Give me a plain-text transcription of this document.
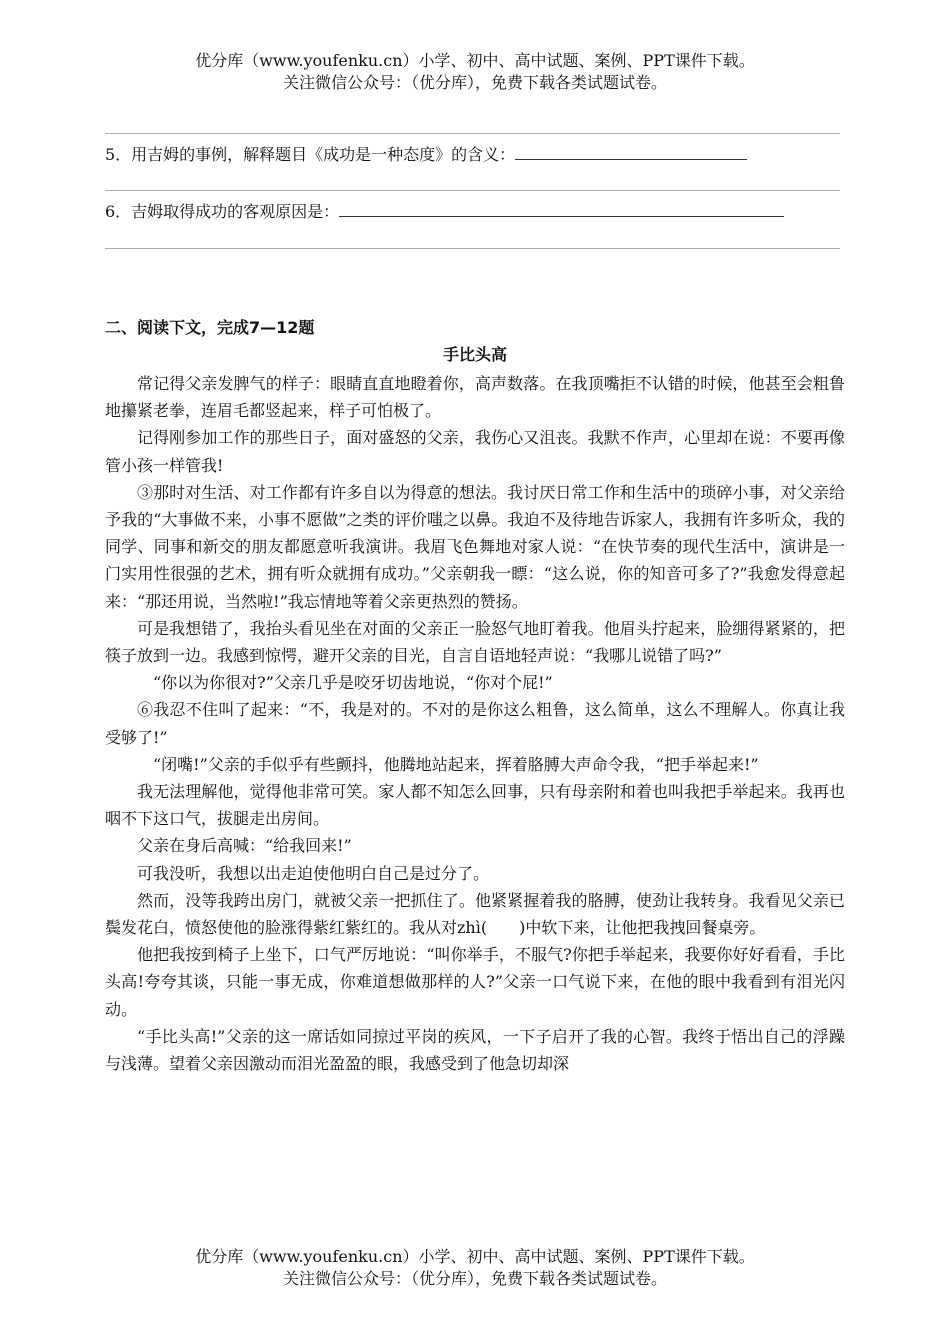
优分库（www.youfenku.cn）小学、初中、高中试题、案例、PPT课件下载。
关注微信公众号：（优分库），免费下载各类试题试卷。
5．用吉姆的事例，解释题目《成功是一种态度》的含义：
6．吉姆取得成功的客观原因是：
二、阅读下文，完成7—12题
手比头高

常记得父亲发脾气的样子：眼睛直直地瞪着你，高声数落。在我顶嘴拒不认错的时候，他甚至会粗鲁地攥紧老拳，连眉毛都竖起来，样子可怕极了。

记得刚参加工作的那些日子，面对盛怒的父亲，我伤心又沮丧。我默不作声，心里却在说：不要再像管小孩一样管我!

③那时对生活、对工作都有许多自以为得意的想法。我讨厌日常工作和生活中的琐碎小事，对父亲给予我的“大事做不来，小事不愿做”之类的评价嗤之以鼻。我迫不及待地告诉家人，我拥有许多听众，我的同学、同事和新交的朋友都愿意听我演讲。我眉飞色舞地对家人说：“在快节奏的现代生活中，演讲是一门实用性很强的艺术，拥有听众就拥有成功。”父亲朝我一瞟：“这么说，你的知音可多了?”我愈发得意起来：“那还用说，当然啦!”我忘情地等着父亲更热烈的赞扬。

可是我想错了，我抬头看见坐在对面的父亲正一脸怒气地盯着我。他眉头拧起来，脸绷得紧紧的，把筷子放到一边。我感到惊愕，避开父亲的目光，自言自语地轻声说：“我哪儿说错了吗?”

“你以为你很对?”父亲几乎是咬牙切齿地说，“你对个屁!”

⑥我忍不住叫了起来：“不，我是对的。不对的是你这么粗鲁，这么简单，这么不理解人。你真让我受够了!”

“闭嘴!”父亲的手似乎有些颤抖，他腾地站起来，挥着胳膊大声命令我，“把手举起来!”

我无法理解他，觉得他非常可笑。家人都不知怎么回事，只有母亲附和着也叫我把手举起来。我再也咽不下这口气，拔腿走出房间。

父亲在身后高喊：“给我回来!”

可我没听，我想以出走迫使他明白自己是过分了。

然而，没等我跨出房门，就被父亲一把抓住了。他紧紧握着我的胳膊，使劲让我转身。我看见父亲已鬓发花白，愤怒使他的脸涨得紫红紫红的。我从对zhì(　　)中软下来，让他把我拽回餐桌旁。

他把我按到椅子上坐下，口气严厉地说：“叫你举手，不服气?你把手举起来，我要你好好看看，手比头高!夸夸其谈，只能一事无成，你难道想做那样的人?”父亲一口气说下来，在他的眼中我看到有泪光闪动。

“手比头高!”父亲的这一席话如同掠过平岗的疾风，一下子启开了我的心智。我终于悟出自己的浮躁与浅薄。望着父亲因激动而泪光盈盈的眼，我感受到了他急切却深

优分库（www.youfenku.cn）小学、初中、高中试题、案例、PPT课件下载。
关注微信公众号：（优分库），免费下载各类试题试卷。
